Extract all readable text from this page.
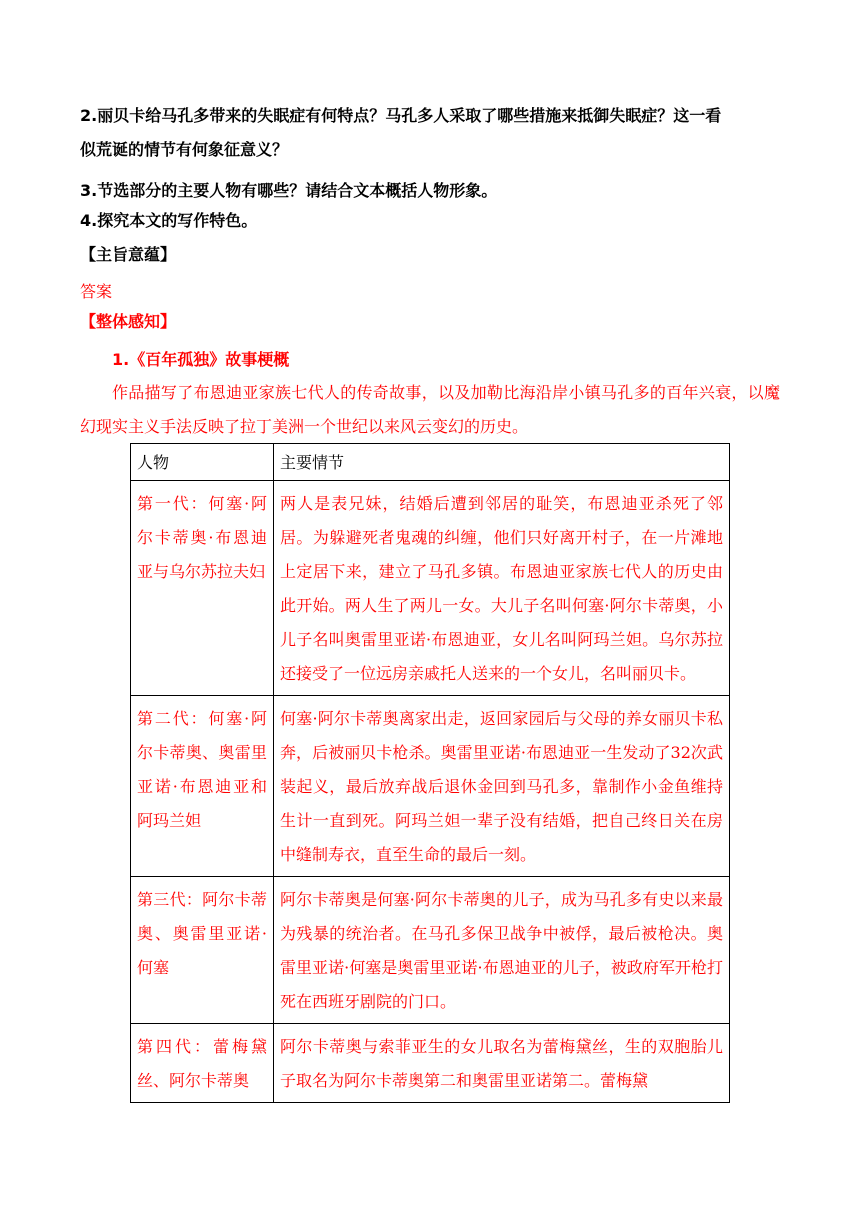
2.丽贝卡给马孔多带来的失眠症有何特点？马孔多人采取了哪些措施来抵御失眠症？这一看
似荒诞的情节有何象征意义？
3.节选部分的主要人物有哪些？请结合文本概括人物形象。
4.探究本文的写作特色。
【主旨意蕴】
答案
【整体感知】
1.《百年孤独》故事梗概
作品描写了布恩迪亚家族七代人的传奇故事，以及加勒比海沿岸小镇马孔多的百年兴衰，以魔幻现实主义手法反映了拉丁美洲一个世纪以来风云变幻的历史。
人物	主要情节
第一代：何塞·阿尔卡蒂奥·布恩迪亚与乌尔苏拉夫妇	两人是表兄妹，结婚后遭到邻居的耻笑，布恩迪亚杀死了邻居。为躲避死者鬼魂的纠缠，他们只好离开村子，在一片滩地上定居下来，建立了马孔多镇。布恩迪亚家族七代人的历史由此开始。两人生了两儿一女。大儿子名叫何塞·阿尔卡蒂奥，小儿子名叫奥雷里亚诺·布恩迪亚，女儿名叫阿玛兰妲。乌尔苏拉还接受了一位远房亲戚托人送来的一个女儿，名叫丽贝卡。
第二代：何塞·阿尔卡蒂奥、奥雷里亚诺·布恩迪亚和阿玛兰妲	何塞·阿尔卡蒂奥离家出走，返回家园后与父母的养女丽贝卡私奔，后被丽贝卡枪杀。奥雷里亚诺·布恩迪亚一生发动了32次武装起义，最后放弃战后退休金回到马孔多，靠制作小金鱼维持生计一直到死。阿玛兰妲一辈子没有结婚，把自己终日关在房中缝制寿衣，直至生命的最后一刻。
第三代：阿尔卡蒂奥、奥雷里亚诺·何塞	阿尔卡蒂奥是何塞·阿尔卡蒂奥的儿子，成为马孔多有史以来最为残暴的统治者。在马孔多保卫战争中被俘，最后被枪决。奥雷里亚诺·何塞是奥雷里亚诺·布恩迪亚的儿子，被政府军开枪打死在西班牙剧院的门口。
第四代：蕾梅黛丝、阿尔卡蒂奥	阿尔卡蒂奥与索菲亚生的女儿取名为蕾梅黛丝，生的双胞胎儿子取名为阿尔卡蒂奥第二和奥雷里亚诺第二。蕾梅黛
